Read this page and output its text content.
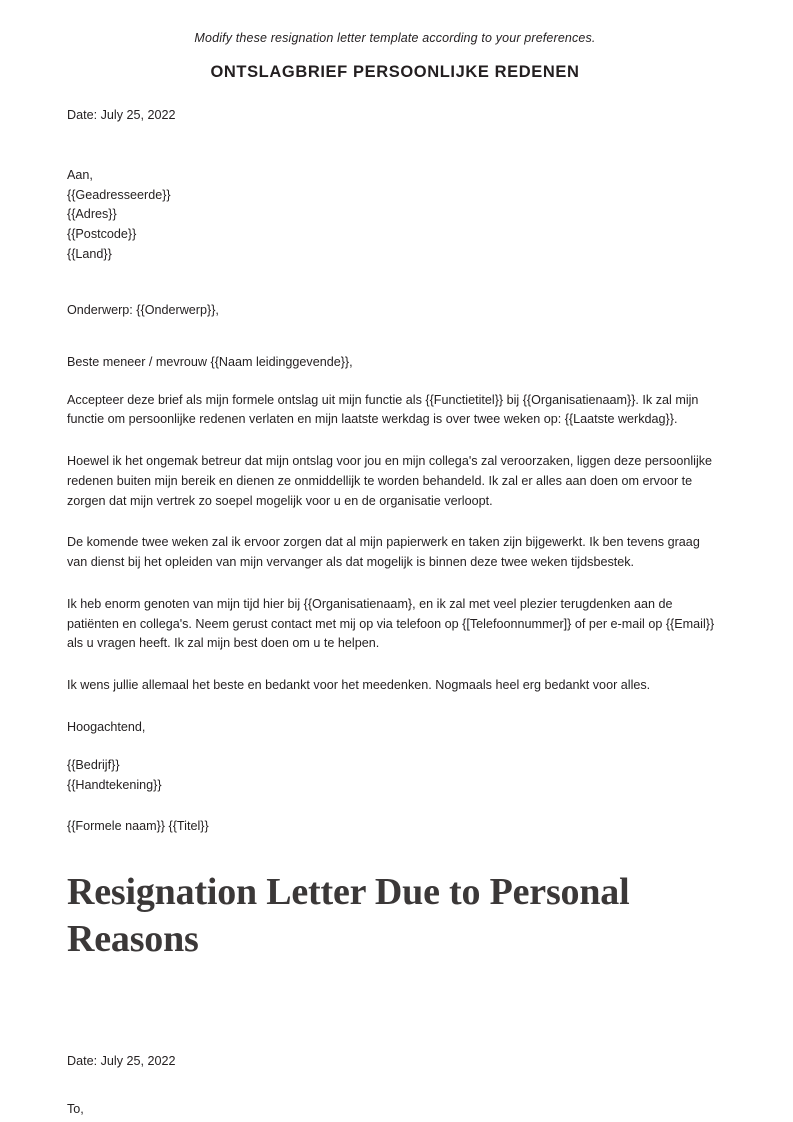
Modify these resignation letter template according to your preferences.

ONTSLAGBRIEF PERSOONLIJKE REDENEN

Date: July 25, 2022

Aan,
{{Geadresseerde}}
{{Adres}}
{{Postcode}}
{{Land}}

Onderwerp: {{Onderwerp}},

Beste meneer / mevrouw {{Naam leidinggevende}},

Accepteer deze brief als mijn formele ontslag uit mijn functie als {{Functietitel}} bij {{Organisatienaam}}. Ik zal mijn functie om persoonlijke redenen verlaten en mijn laatste werkdag is over twee weken op: {{Laatste werkdag}}.

Hoewel ik het ongemak betreur dat mijn ontslag voor jou en mijn collega's zal veroorzaken, liggen deze persoonlijke redenen buiten mijn bereik en dienen ze onmiddellijk te worden behandeld. Ik zal er alles aan doen om ervoor te zorgen dat mijn vertrek zo soepel mogelijk voor u en de organisatie verloopt.

De komende twee weken zal ik ervoor zorgen dat al mijn papierwerk en taken zijn bijgewerkt. Ik ben tevens graag van dienst bij het opleiden van mijn vervanger als dat mogelijk is binnen deze twee weken tijdsbestek.

Ik heb enorm genoten van mijn tijd hier bij {{Organisatienaam}, en ik zal met veel plezier terugdenken aan de patiënten en collega's. Neem gerust contact met mij op via telefoon op {[Telefoonnummer]} of per e-mail op {{Email}} als u vragen heeft. Ik zal mijn best doen om u te helpen.

Ik wens jullie allemaal het beste en bedankt voor het meedenken. Nogmaals heel erg bedankt voor alles.

Hoogachtend,

{{Bedrijf}}
{{Handtekening}}

{{Formele naam}} {{Titel}}

Resignation Letter Due to Personal Reasons

Date: July 25, 2022

To,
